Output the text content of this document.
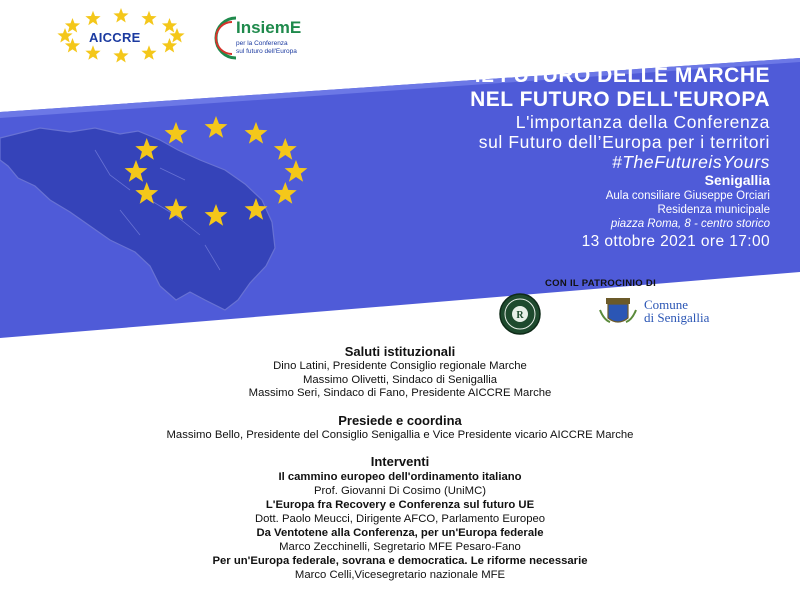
AICCRE
InsiemE
per la Conferenza
sul futuro dell'Europa
IL FUTURO DELLE MARCHE
NEL FUTURO DELL'EUROPA
L'importanza della Conferenza
sul Futuro dell’Europa per i territori
#TheFutureisYours
Senigallia
Aula consiliare Giuseppe Orciari
Residenza municipale
piazza Roma, 8 - centro storico
13 ottobre 2021 ore 17:00
CON IL PATROCINIO DI
R
Comune
di Senigallia
Saluti istituzionali
Dino Latini, Presidente Consiglio regionale Marche
Massimo Olivetti, Sindaco di Senigallia
Massimo Seri, Sindaco di Fano, Presidente AICCRE Marche
Presiede e coordina
Massimo Bello, Presidente del Consiglio Senigallia e Vice Presidente vicario AICCRE Marche
Interventi
Il cammino europeo dell'ordinamento italiano
Prof. Giovanni Di Cosimo (UniMC)
L'Europa fra Recovery e Conferenza sul futuro UE
Dott. Paolo Meucci, Dirigente AFCO, Parlamento Europeo
Da Ventotene alla Conferenza, per un'Europa federale
Marco Zecchinelli, Segretario MFE Pesaro-Fano
Per un'Europa federale, sovrana e democratica. Le riforme necessarie
Marco Celli,Vicesegretario nazionale MFE
